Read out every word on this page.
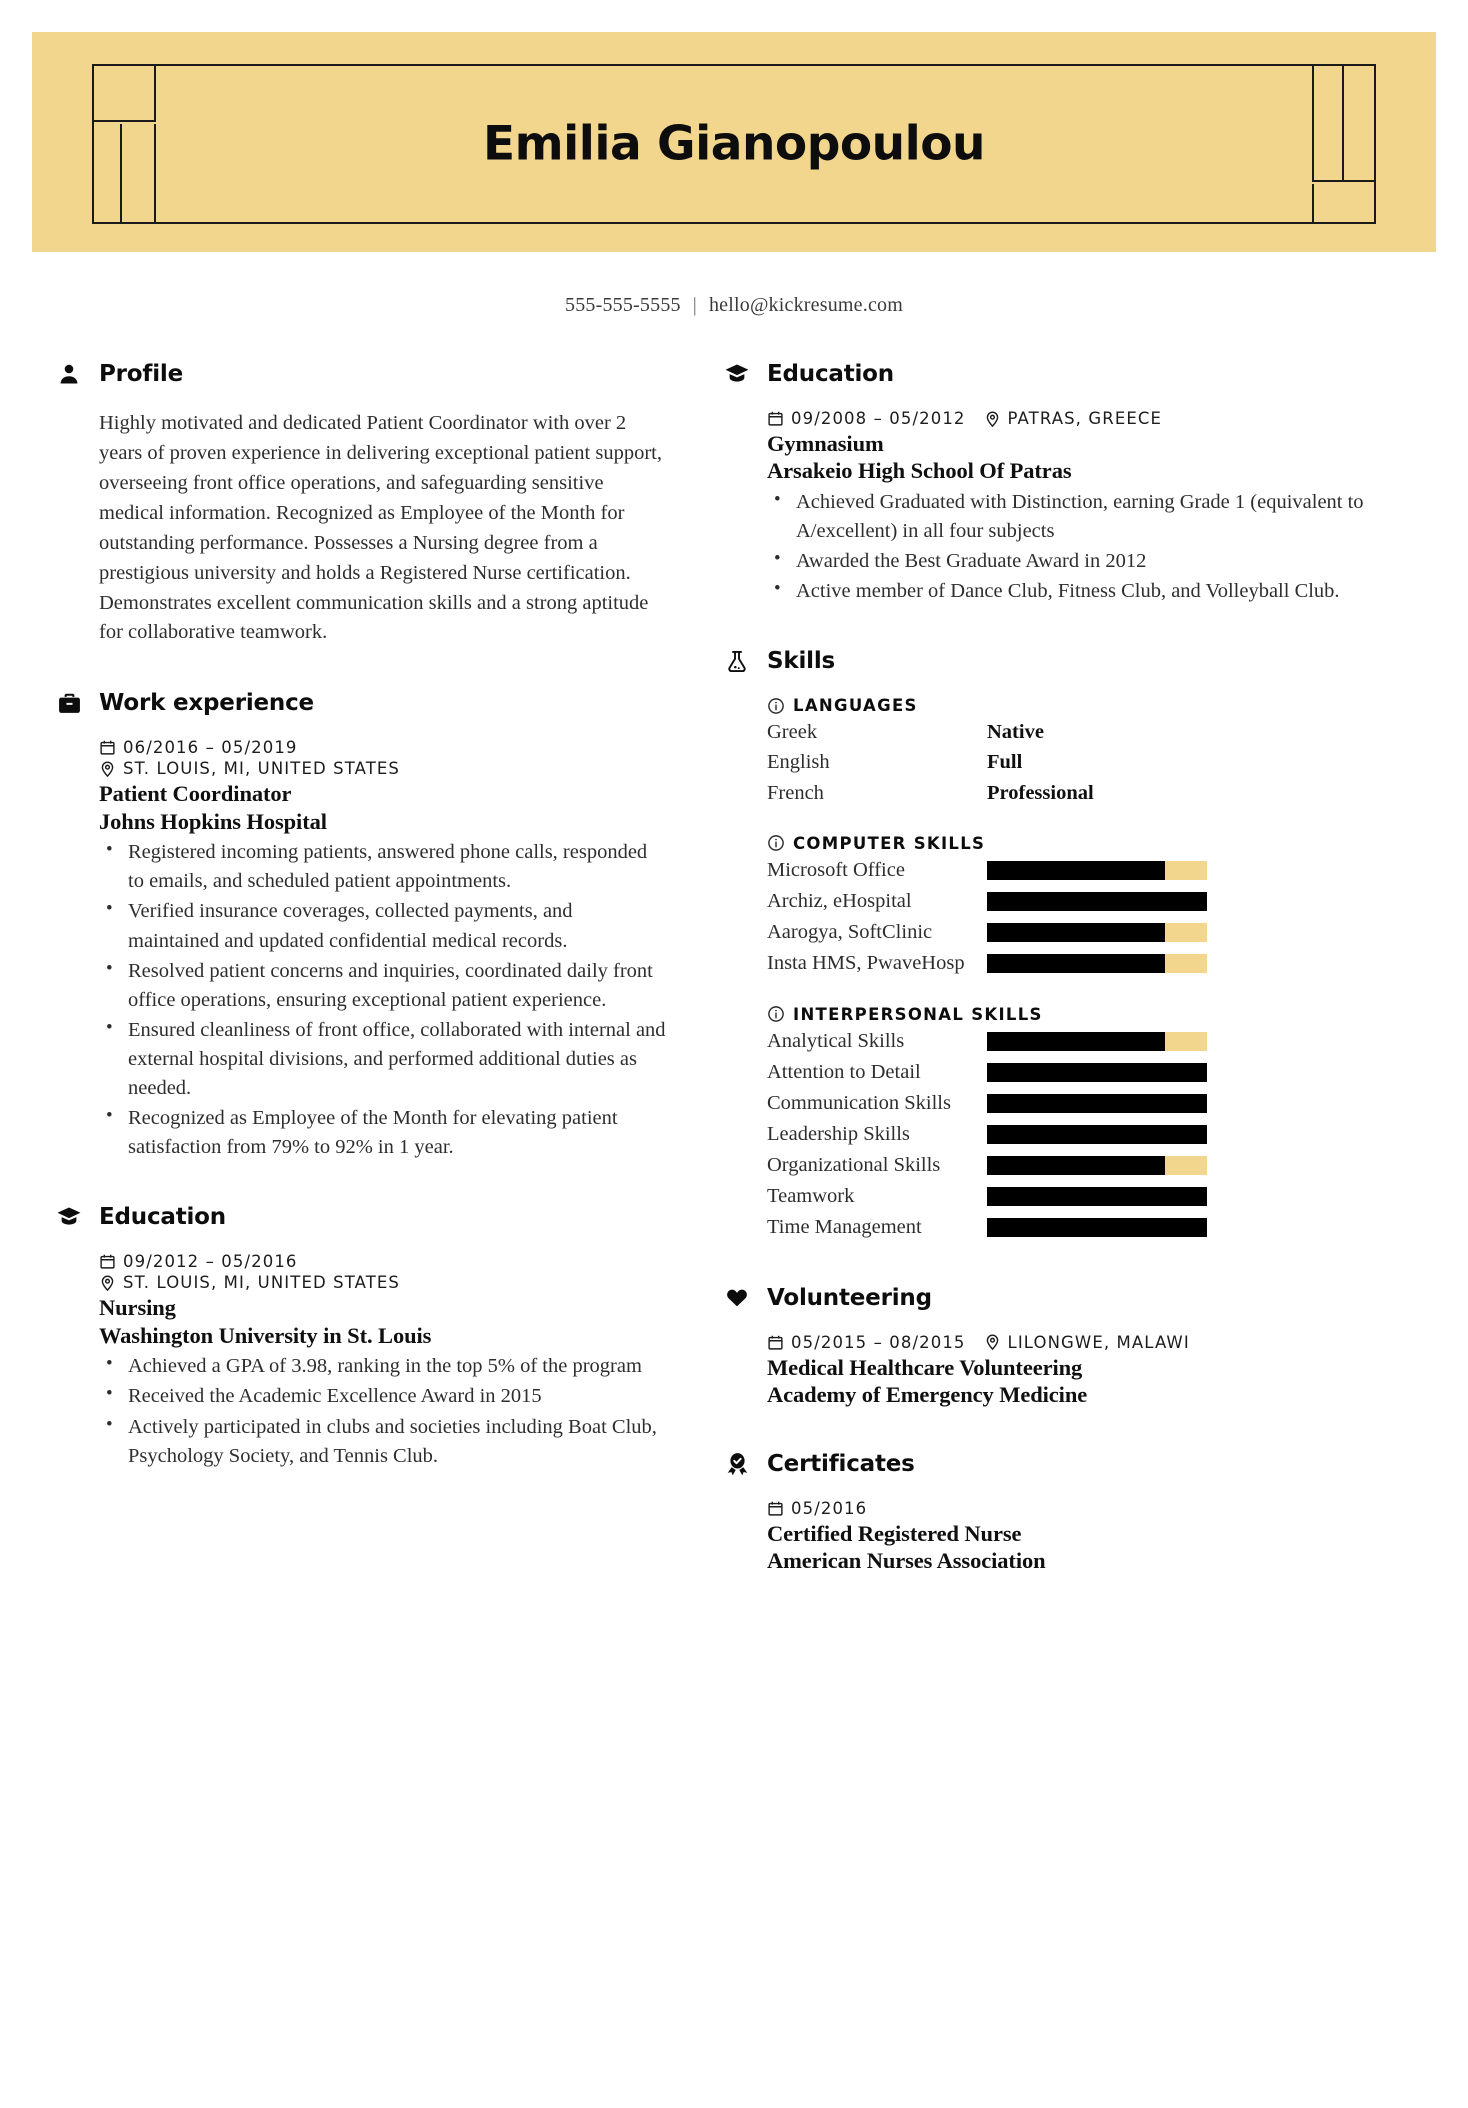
Emilia Gianopoulou
555-555-5555 | hello@kickresume.com
Profile

Highly motivated and dedicated Patient Coordinator with over 2 years of proven experience in delivering exceptional patient support, overseeing front office operations, and safeguarding sensitive medical information. Recognized as Employee of the Month for outstanding performance. Possesses a Nursing degree from a prestigious university and holds a Registered Nurse certification. Demonstrates excellent communication skills and a strong aptitude for collaborative teamwork.

Work experience
06/2016 – 05/2019
ST. LOUIS, MI, UNITED STATES
Patient Coordinator
Johns Hopkins Hospital
• Registered incoming patients, answered phone calls, responded to emails, and scheduled patient appointments.
• Verified insurance coverages, collected payments, and maintained and updated confidential medical records.
• Resolved patient concerns and inquiries, coordinated daily front office operations, ensuring exceptional patient experience.
• Ensured cleanliness of front office, collaborated with internal and external hospital divisions, and performed additional duties as needed.
• Recognized as Employee of the Month for elevating patient satisfaction from 79% to 92% in 1 year.
Education
09/2012 – 05/2016
ST. LOUIS, MI, UNITED STATES
Nursing
Washington University in St. Louis
• Achieved a GPA of 3.98, ranking in the top 5% of the program
• Received the Academic Excellence Award in 2015
• Actively participated in clubs and societies including Boat Club, Psychology Society, and Tennis Club.
Education
09/2008 – 05/2012	PATRAS, GREECE
Gymnasium
Arsakeio High School Of Patras
• Achieved Graduated with Distinction, earning Grade 1 (equivalent to A/excellent) in all four subjects
• Awarded the Best Graduate Award in 2012
• Active member of Dance Club, Fitness Club, and Volleyball Club.
Skills
LANGUAGES
Greek	Native
English	Full
French	Professional
COMPUTER SKILLS
Microsoft Office
Archiz, eHospital
Aarogya, SoftClinic
Insta HMS, PwaveHosp
INTERPERSONAL SKILLS
Analytical Skills
Attention to Detail
Communication Skills
Leadership Skills
Organizational Skills
Teamwork
Time Management
Volunteering
05/2015 – 08/2015	LILONGWE, MALAWI
Medical Healthcare Volunteering
Academy of Emergency Medicine
Certificates
05/2016
Certified Registered Nurse
American Nurses Association
